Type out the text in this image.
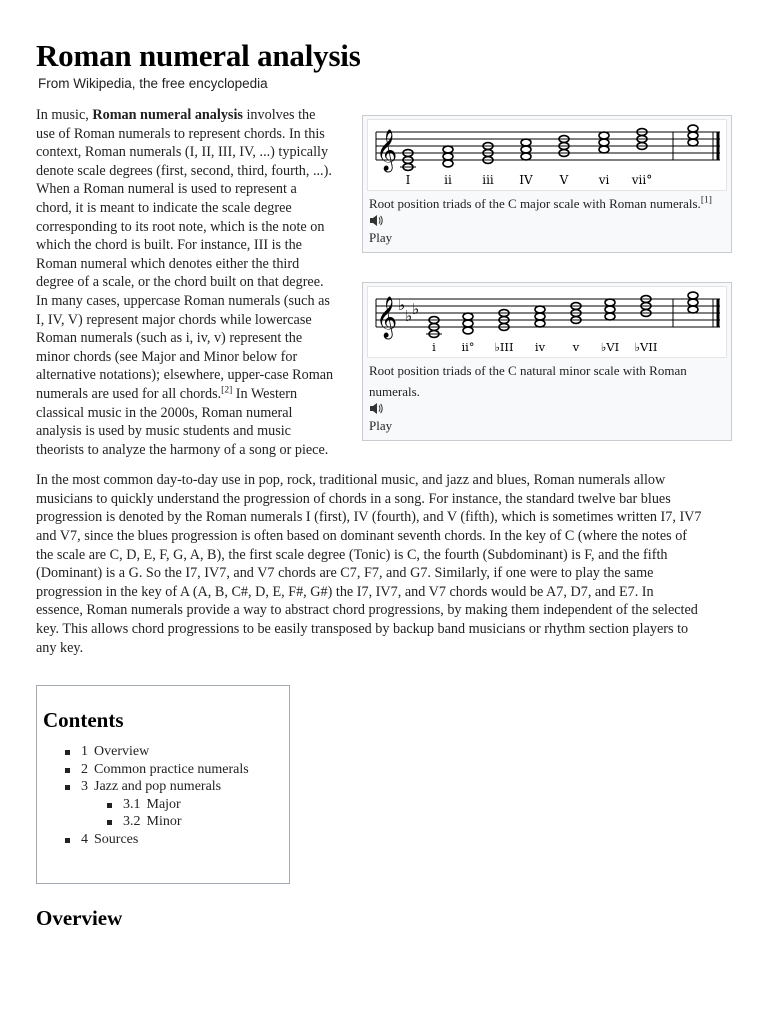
Roman numeral analysis
From Wikipedia, the free encyclopedia
𝄞
I	ii	iii IV V	vi vii°
Root position triads of the C major scale with Roman numerals.[1]
Play
𝄞 ♭
♭ ♭
i ii° ♭III iv v ♭VI ♭VII
Root position triads of the C natural minor scale with Roman numerals.
Play

In music, Roman numeral analysis involves the use of Roman numerals to represent chords. In this context, Roman numerals (I, II, III, IV, ...) typically denote scale degrees (first, second, third, fourth, ...). When a Roman numeral is used to represent a chord, it is meant to indicate the scale degree corresponding to its root note, which is the note on which the chord is built. For instance, III is the Roman numeral which denotes either the third degree of a scale, or the chord built on that degree. In many cases, uppercase Roman numerals (such as I, IV, V) represent major chords while lowercase Roman numerals (such as i, iv, v) represent the minor chords (see Major and Minor below for alternative notations); elsewhere, upper-case Roman numerals are used for all chords.[2] In Western classical music in the 2000s, Roman numeral analysis is used by music students and music theorists to analyze the harmony of a song or piece.

In the most common day-to-day use in pop, rock, traditional music, and jazz and blues, Roman numerals allow musicians to quickly understand the progression of chords in a song. For instance, the standard twelve bar blues progression is denoted by the Roman numerals I (first), IV (fourth), and V (fifth), which is sometimes written I7, IV7 and V7, since the blues progression is often based on dominant seventh chords. In the key of C (where the notes of the scale are C, D, E, F, G, A, B), the first scale degree (Tonic) is C, the fourth (Subdominant) is F, and the fifth (Dominant) is a G. So the I7, IV7, and V7 chords are C7, F7, and G7. Similarly, if one were to play the same progression in the key of A (A, B, C#, D, E, F#, G#) the I7, IV7, and V7 chords would be A7, D7, and E7. In essence, Roman numerals provide a way to abstract chord progressions, by making them independent of the selected key. This allows chord progressions to be easily transposed by backup band musicians or rhythm section players to any key.

Contents
1 Overview
2 Common practice numerals
3 Jazz and pop numerals
3.1 Major
3.2 Minor
4 Sources
Overview
